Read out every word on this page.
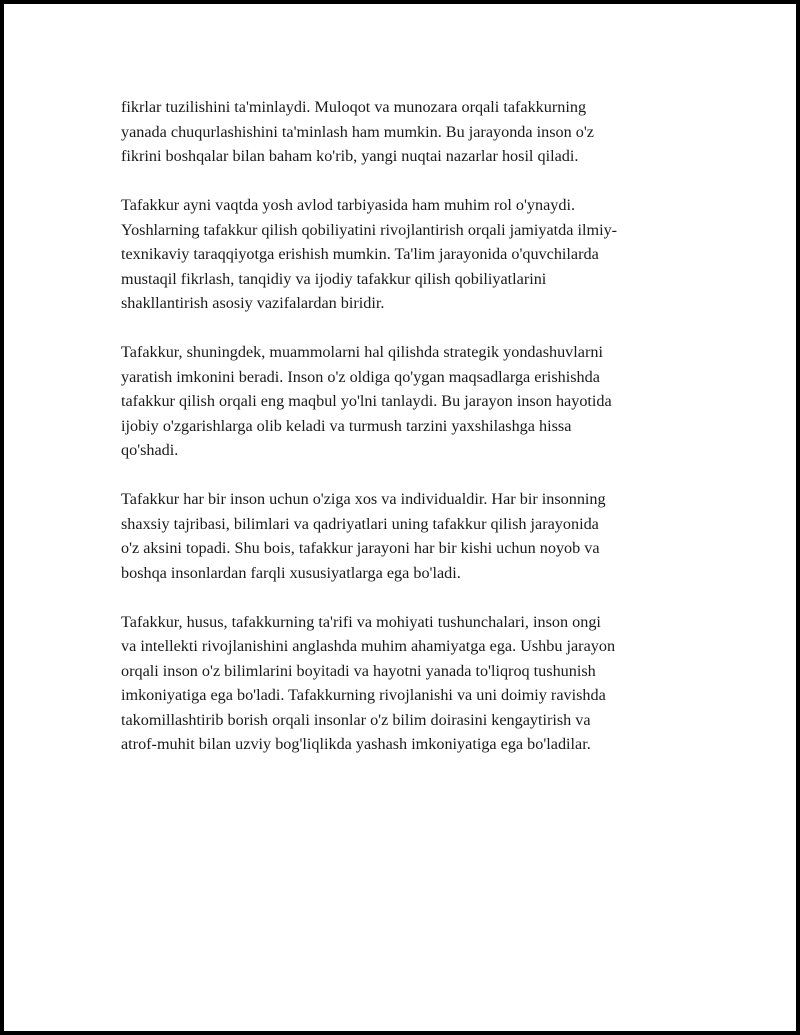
fikrlar tuzilishini ta'minlaydi. Muloqot va munozara orqali tafakkurning
yanada chuqurlashishini ta'minlash ham mumkin. Bu jarayonda inson o'z
fikrini boshqalar bilan baham ko'rib, yangi nuqtai nazarlar hosil qiladi.

Tafakkur ayni vaqtda yosh avlod tarbiyasida ham muhim rol o'ynaydi.
Yoshlarning tafakkur qilish qobiliyatini rivojlantirish orqali jamiyatda ilmiy-
texnikaviy taraqqiyotga erishish mumkin. Ta'lim jarayonida o'quvchilarda
mustaqil fikrlash, tanqidiy va ijodiy tafakkur qilish qobiliyatlarini
shakllantirish asosiy vazifalardan biridir.

Tafakkur, shuningdek, muammolarni hal qilishda strategik yondashuvlarni
yaratish imkonini beradi. Inson o'z oldiga qo'ygan maqsadlarga erishishda
tafakkur qilish orqali eng maqbul yo'lni tanlaydi. Bu jarayon inson hayotida
ijobiy o'zgarishlarga olib keladi va turmush tarzini yaxshilashga hissa
qo'shadi.

Tafakkur har bir inson uchun o'ziga xos va individualdir. Har bir insonning
shaxsiy tajribasi, bilimlari va qadriyatlari uning tafakkur qilish jarayonida
o'z aksini topadi. Shu bois, tafakkur jarayoni har bir kishi uchun noyob va
boshqa insonlardan farqli xususiyatlarga ega bo'ladi.

Tafakkur, husus, tafakkurning ta'rifi va mohiyati tushunchalari, inson ongi
va intellekti rivojlanishini anglashda muhim ahamiyatga ega. Ushbu jarayon
orqali inson o'z bilimlarini boyitadi va hayotni yanada to'liqroq tushunish
imkoniyatiga ega bo'ladi. Tafakkurning rivojlanishi va uni doimiy ravishda
takomillashtirib borish orqali insonlar o'z bilim doirasini kengaytirish va
atrof-muhit bilan uzviy bog'liqlikda yashash imkoniyatiga ega bo'ladilar.
